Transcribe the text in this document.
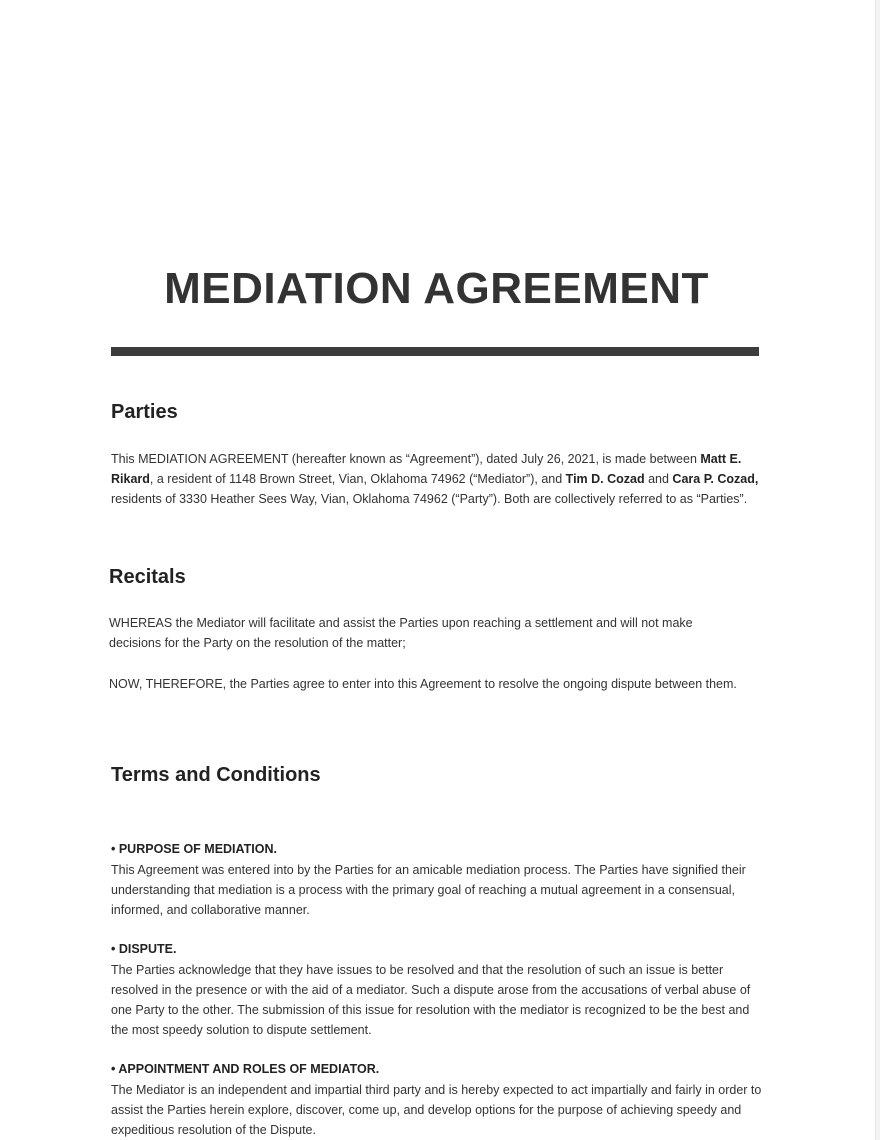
MEDIATION AGREEMENT
Parties

This MEDIATION AGREEMENT (hereafter known as “Agreement”), dated July 26, 2021, is made between Matt E. Rikard, a resident of 1148 Brown Street, Vian, Oklahoma 74962 (“Mediator”), and Tim D. Cozad and Cara P. Cozad, residents of 3330 Heather Sees Way, Vian, Oklahoma 74962 (“Party”). Both are collectively referred to as “Parties”.

Recitals

WHEREAS the Mediator will facilitate and assist the Parties upon reaching a settlement and will not make decisions for the Party on the resolution of the matter;

NOW, THEREFORE, the Parties agree to enter into this Agreement to resolve the ongoing dispute between them.

Terms and Conditions

• PURPOSE OF MEDIATION.

This Agreement was entered into by the Parties for an amicable mediation process. The Parties have signified their understanding that mediation is a process with the primary goal of reaching a mutual agreement in a consensual, informed, and collaborative manner.

• DISPUTE.

The Parties acknowledge that they have issues to be resolved and that the resolution of such an issue is better resolved in the presence or with the aid of a mediator. Such a dispute arose from the accusations of verbal abuse of one Party to the other. The submission of this issue for resolution with the mediator is recognized to be the best and the most speedy solution to dispute settlement.

• APPOINTMENT AND ROLES OF MEDIATOR.

The Mediator is an independent and impartial third party and is hereby expected to act impartially and fairly in order to assist the Parties herein explore, discover, come up, and develop options for the purpose of achieving speedy and expeditious resolution of the Dispute.
